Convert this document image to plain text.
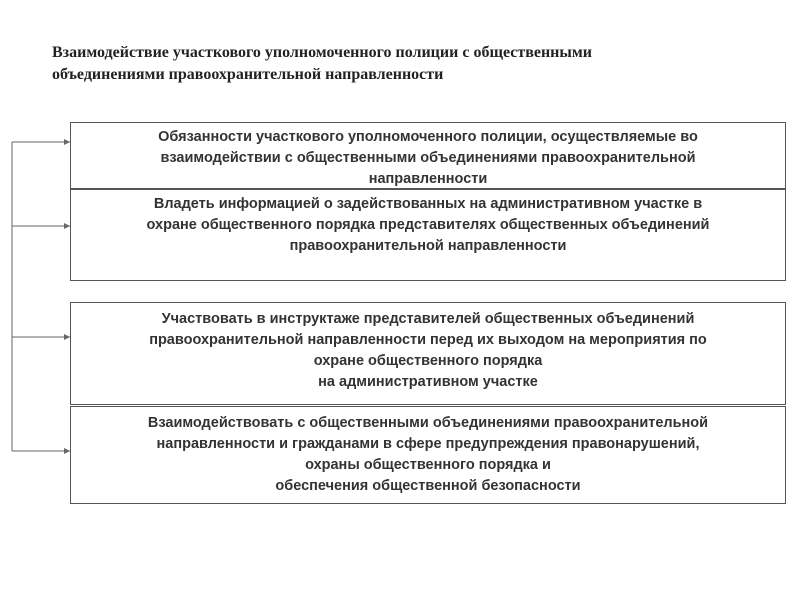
Взаимодействие участкового уполномоченного полиции с общественными
объединениями правоохранительной направленности

Обязанности участкового уполномоченного полиции, осуществляемые во

взаимодействии с общественными объединениями правоохранительной

направленности

Владеть информацией о задействованных на административном участке в

охране общественного порядка представителях общественных объединений

правоохранительной направленности

Участвовать в инструктаже представителей общественных объединений

правоохранительной направленности перед их выходом на мероприятия по

охране общественного порядка

на административном участке

Взаимодействовать с общественными объединениями правоохранительной

направленности и гражданами в сфере предупреждения правонарушений,

охраны общественного порядка и

обеспечения общественной безопасности
